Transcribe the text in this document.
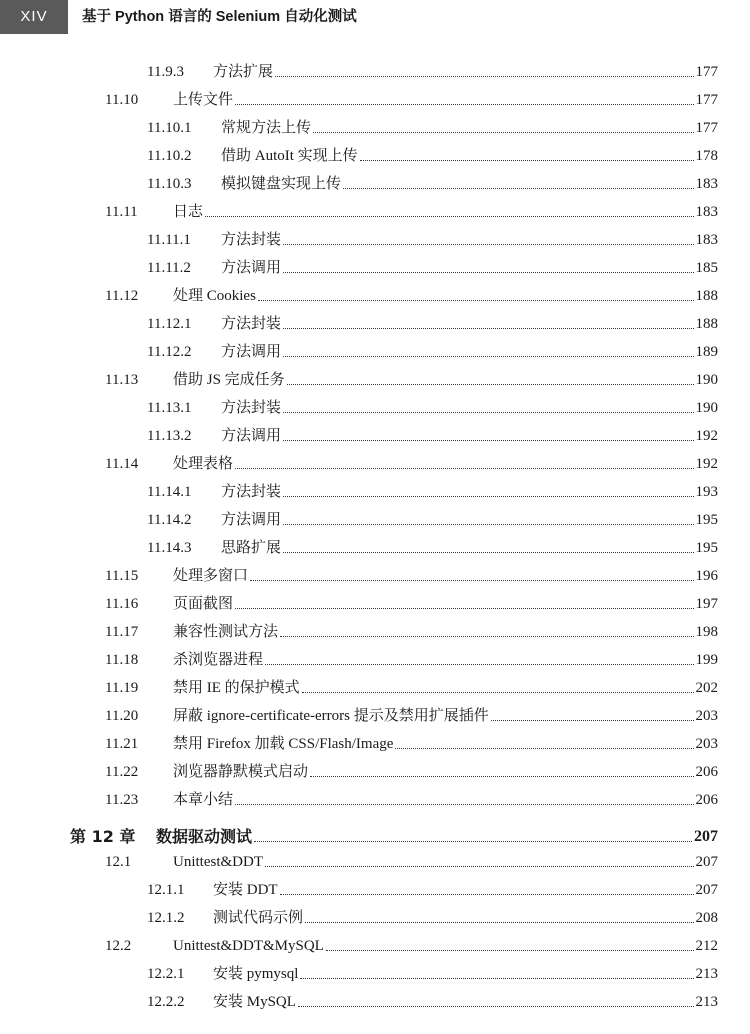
XIV	基于 Python 语言的 Selenium 自动化测试
11.9.3	方法扩展	177
11.10	上传文件	177
11.10.1	常规方法上传	177
11.10.2	借助 AutoIt 实现上传	178
11.10.3	模拟键盘实现上传	183
11.11	日志	183
11.11.1	方法封装	183
11.11.2	方法调用	185
11.12	处理 Cookies	188
11.12.1	方法封装	188
11.12.2	方法调用	189
11.13	借助 JS 完成任务	190
11.13.1	方法封装	190
11.13.2	方法调用	192
11.14	处理表格	192
11.14.1	方法封装	193
11.14.2	方法调用	195
11.14.3	思路扩展	195
11.15	处理多窗口	196
11.16	页面截图	197
11.17	兼容性测试方法	198
11.18	杀浏览器进程	199
11.19	禁用 IE 的保护模式	202
11.20	屏蔽 ignore-certificate-errors 提示及禁用扩展插件	203
11.21	禁用 Firefox 加载 CSS/Flash/Image	203
11.22	浏览器静默模式启动	206
11.23	本章小结	206
第 12 章	数据驱动测试	207
12.1	Unittest&DDT	207
12.1.1	安装 DDT	207
12.1.2	测试代码示例	208
12.2	Unittest&DDT&MySQL	212
12.2.1	安装 pymysql	213
12.2.2	安装 MySQL	213
